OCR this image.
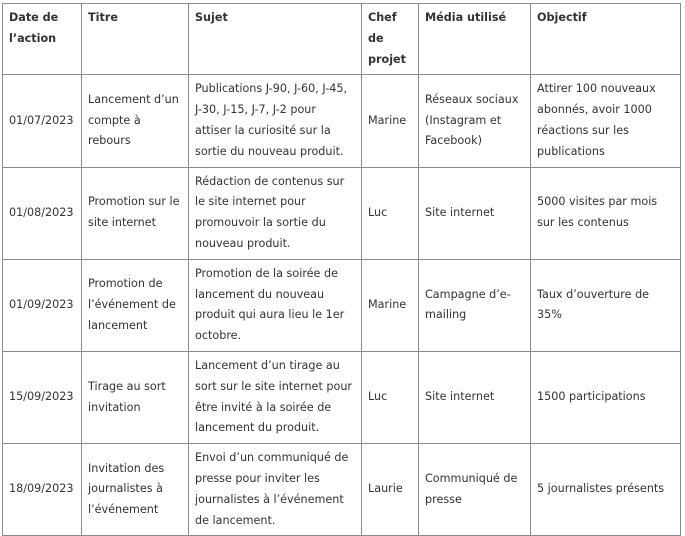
Date de l’action	Titre	Sujet	Chef de projet	Média utilisé	Objectif
01/07/2023	Lancement d’un compte à rebours	Publications J-90, J-60, J-45, J-30, J-15, J-7, J-2 pour attiser la curiosité sur la sortie du nouveau produit.	Marine	Réseaux sociaux (Instagram et Facebook)	Attirer 100 nouveaux abonnés, avoir 1000 réactions sur les publications
01/08/2023	Promotion sur le site internet	Rédaction de contenus sur le site internet pour promouvoir la sortie du nouveau produit.	Luc	Site internet	5000 visites par mois sur les contenus
01/09/2023	Promotion de l’événement de lancement	Promotion de la soirée de lancement du nouveau produit qui aura lieu le 1er octobre.	Marine	Campagne d’e-mailing	Taux d’ouverture de 35%
15/09/2023	Tirage au sort invitation	Lancement d’un tirage au sort sur le site internet pour être invité à la soirée de lancement du produit.	Luc	Site internet	1500 participations
18/09/2023	Invitation des journalistes à l’événement	Envoi d’un communiqué de presse pour inviter les journalistes à l’événement de lancement.	Laurie	Communiqué de presse	5 journalistes présents
